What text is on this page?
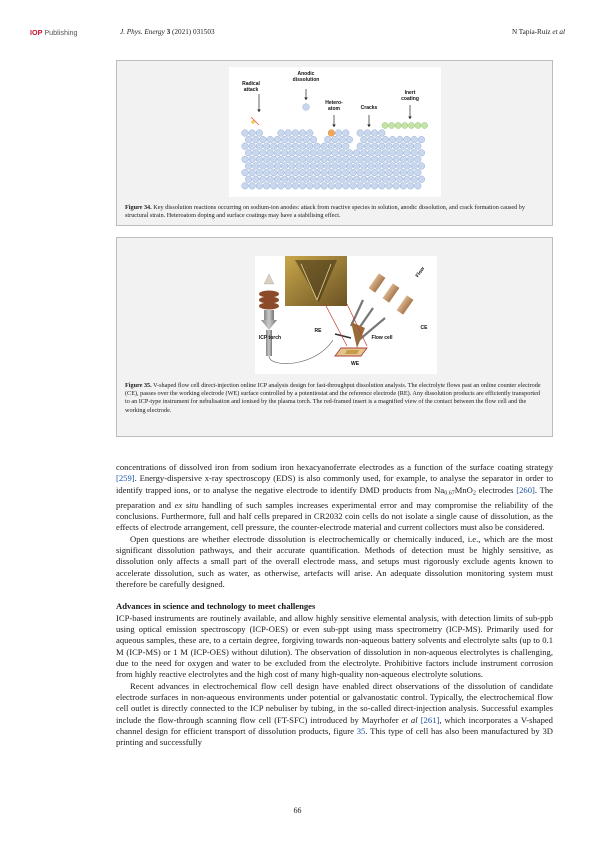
IOP Publishing	J. Phys. Energy 3 (2021) 031503	N Tapia-Ruiz et al
Radical attack
Anodic dissolution
Hetero-atom	Cracks
Inert coating
Figure 34. Key dissolution reactions occurring on sodium-ion anodes: attack from reactive species in solution, anodic dissolution, and crack formation caused by structural strain. Heteroatom doping and surface coatings may have a stabilising effect.
Flow
ICP torch
RE
Flow cell
CE
WE
Figure 35. V-shaped flow cell direct-injection online ICP analysis design for fast-throughput dissolution analysis. The electrolyte flows past an online counter electrode (CE), passes over the working electrode (WE) surface controlled by a potentiostat and the reference electrode (RE). Any dissolution products are efficiently transported to an ICP-type instrument for nebulisation and ionised by the plasma torch. The red-framed insert is a magnified view of the contact between the flow cell and the working electrode.

concentrations of dissolved iron from sodium iron hexacyanoferrate electrodes as a function of the surface coating strategy [259]. Energy-dispersive x-ray spectroscopy (EDS) is also commonly used, for example, to analyse the separator in order to identify trapped ions, or to analyse the negative electrode to identify DMD products from $Na_{0.67}MnO_2$ electrodes [260]. The preparation and ex situ handling of such samples increases experimental error and may compromise the reliability of the conclusions. Furthermore, full and half cells prepared in CR2032 coin cells do not isolate a single cause of dissolution, as the effects of electrode arrangement, cell pressure, the counter-electrode material and current collectors must also be considered.

Open questions are whether electrode dissolution is electrochemically or chemically induced, i.e., which are the most significant dissolution pathways, and their accurate quantification. Methods of detection must be highly sensitive, as dissolution only affects a small part of the overall electrode mass, and setups must rigorously exclude agents known to accelerate dissolution, such as water, as otherwise, artefacts will arise. An adequate dissolution monitoring system must therefore be carefully designed.

Advances in science and technology to meet challenges

ICP-based instruments are routinely available, and allow highly sensitive elemental analysis, with detection limits of sub-ppb using optical emission spectroscopy (ICP-OES) or even sub-ppt using mass spectrometry (ICP-MS). Primarily used for aqueous samples, these are, to a certain degree, forgiving towards non-aqueous battery solvents and electrolyte salts (up to 0.1 M (ICP-MS) or 1 M (ICP-OES) without dilution). The observation of dissolution in non-aqueous electrolytes is challenging, due to the need for oxygen and water to be excluded from the electrolyte. Prohibitive factors include instrument corrosion from highly reactive electrolytes and the high cost of many high-quality non-aqueous electrolyte solutions.

Recent advances in electrochemical flow cell design have enabled direct observations of the dissolution of candidate electrode surfaces in non-aqueous environments under potential or galvanostatic control. Typically, the electrochemical flow cell outlet is directly connected to the ICP nebuliser by tubing, in the so-called direct-injection analysis. Successful examples include the flow-through scanning flow cell (FT-SFC) introduced by Mayrhofer et al [261], which incorporates a V-shaped channel design for efficient transport of dissolution products, figure 35. This type of cell has also been manufactured by 3D printing and successfully

66
